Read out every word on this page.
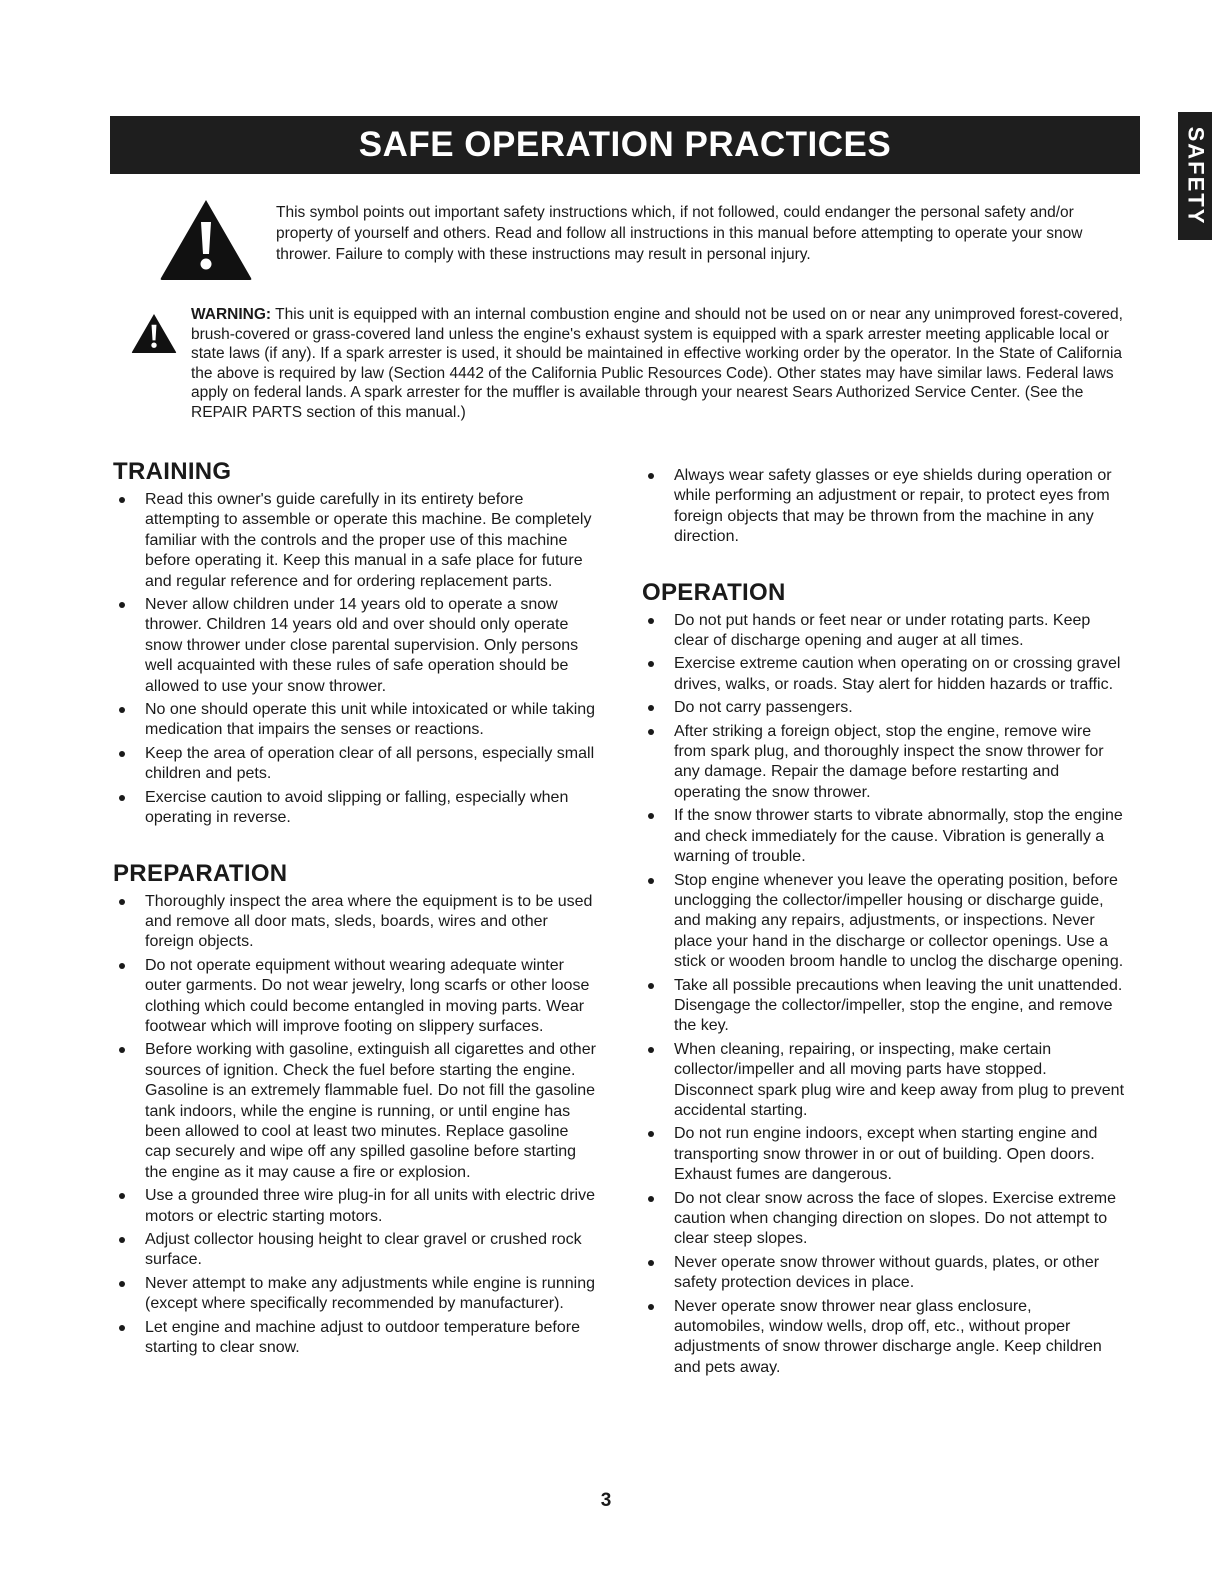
SAFE OPERATION PRACTICES	SAFETY

This symbol points out important safety instructions which, if not followed, could endanger the personal safety and/or property of yourself and others. Read and follow all instructions in this manual before attempting to operate your snow thrower. Failure to comply with these instructions may result in personal injury.

WARNING: This unit is equipped with an internal combustion engine and should not be used on or near any unimproved forest-covered, brush-covered or grass-covered land unless the engine's exhaust system is equipped with a spark arrester meeting applicable local or state laws (if any). If a spark arrester is used, it should be maintained in effective working order by the operator. In the State of California the above is required by law (Section 4442 of the California Public Resources Code). Other states may have similar laws. Federal laws apply on federal lands. A spark arrester for the muffler is available through your nearest Sears Authorized Service Center. (See the REPAIR PARTS section of this manual.)

TRAINING
Read this owner's guide carefully in its entirety before attempting to assemble or operate this machine. Be completely familiar with the controls and the proper use of this machine before operating it. Keep this manual in a safe place for future and regular reference and for ordering replacement parts.
Never allow children under 14 years old to operate a snow thrower. Children 14 years old and over should only operate snow thrower under close parental supervision. Only persons well acquainted with these rules of safe operation should be allowed to use your snow thrower.
No one should operate this unit while intoxicated or while taking medication that impairs the senses or reactions.
Keep the area of operation clear of all persons, especially small children and pets.
Exercise caution to avoid slipping or falling, especially when operating in reverse.
PREPARATION
Thoroughly inspect the area where the equipment is to be used and remove all door mats, sleds, boards, wires and other foreign objects.
Do not operate equipment without wearing adequate winter outer garments. Do not wear jewelry, long scarfs or other loose clothing which could become entangled in moving parts. Wear footwear which will improve footing on slippery surfaces.
Before working with gasoline, extinguish all cigarettes and other sources of ignition. Check the fuel before starting the engine. Gasoline is an extremely flammable fuel. Do not fill the gasoline tank indoors, while the engine is running, or until engine has been allowed to cool at least two minutes. Replace gasoline cap securely and wipe off any spilled gasoline before starting the engine as it may cause a fire or explosion.
Use a grounded three wire plug-in for all units with electric drive motors or electric starting motors.
Adjust collector housing height to clear gravel or crushed rock surface.
Never attempt to make any adjustments while engine is running (except where specifically recommended by manufacturer).
Let engine and machine adjust to outdoor temperature before starting to clear snow.
Always wear safety glasses or eye shields during operation or while performing an adjustment or repair, to protect eyes from foreign objects that may be thrown from the machine in any direction.
OPERATION
Do not put hands or feet near or under rotating parts. Keep clear of discharge opening and auger at all times.
Exercise extreme caution when operating on or crossing gravel drives, walks, or roads. Stay alert for hidden hazards or traffic.
Do not carry passengers.
After striking a foreign object, stop the engine, remove wire from spark plug, and thoroughly inspect the snow thrower for any damage. Repair the damage before restarting and operating the snow thrower.
If the snow thrower starts to vibrate abnormally, stop the engine and check immediately for the cause. Vibration is generally a warning of trouble.
Stop engine whenever you leave the operating position, before unclogging the collector/impeller housing or discharge guide, and making any repairs, adjustments, or inspections. Never place your hand in the discharge or collector openings. Use a stick or wooden broom handle to unclog the discharge opening.
Take all possible precautions when leaving the unit unattended. Disengage the collector/impeller, stop the engine, and remove the key.
When cleaning, repairing, or inspecting, make certain collector/impeller and all moving parts have stopped. Disconnect spark plug wire and keep away from plug to prevent accidental starting.
Do not run engine indoors, except when starting engine and transporting snow thrower in or out of building. Open doors. Exhaust fumes are dangerous.
Do not clear snow across the face of slopes. Exercise extreme caution when changing direction on slopes. Do not attempt to clear steep slopes.
Never operate snow thrower without guards, plates, or other safety protection devices in place.
Never operate snow thrower near glass enclosure, automobiles, window wells, drop off, etc., without proper adjustments of snow thrower discharge angle. Keep children and pets away.
3
